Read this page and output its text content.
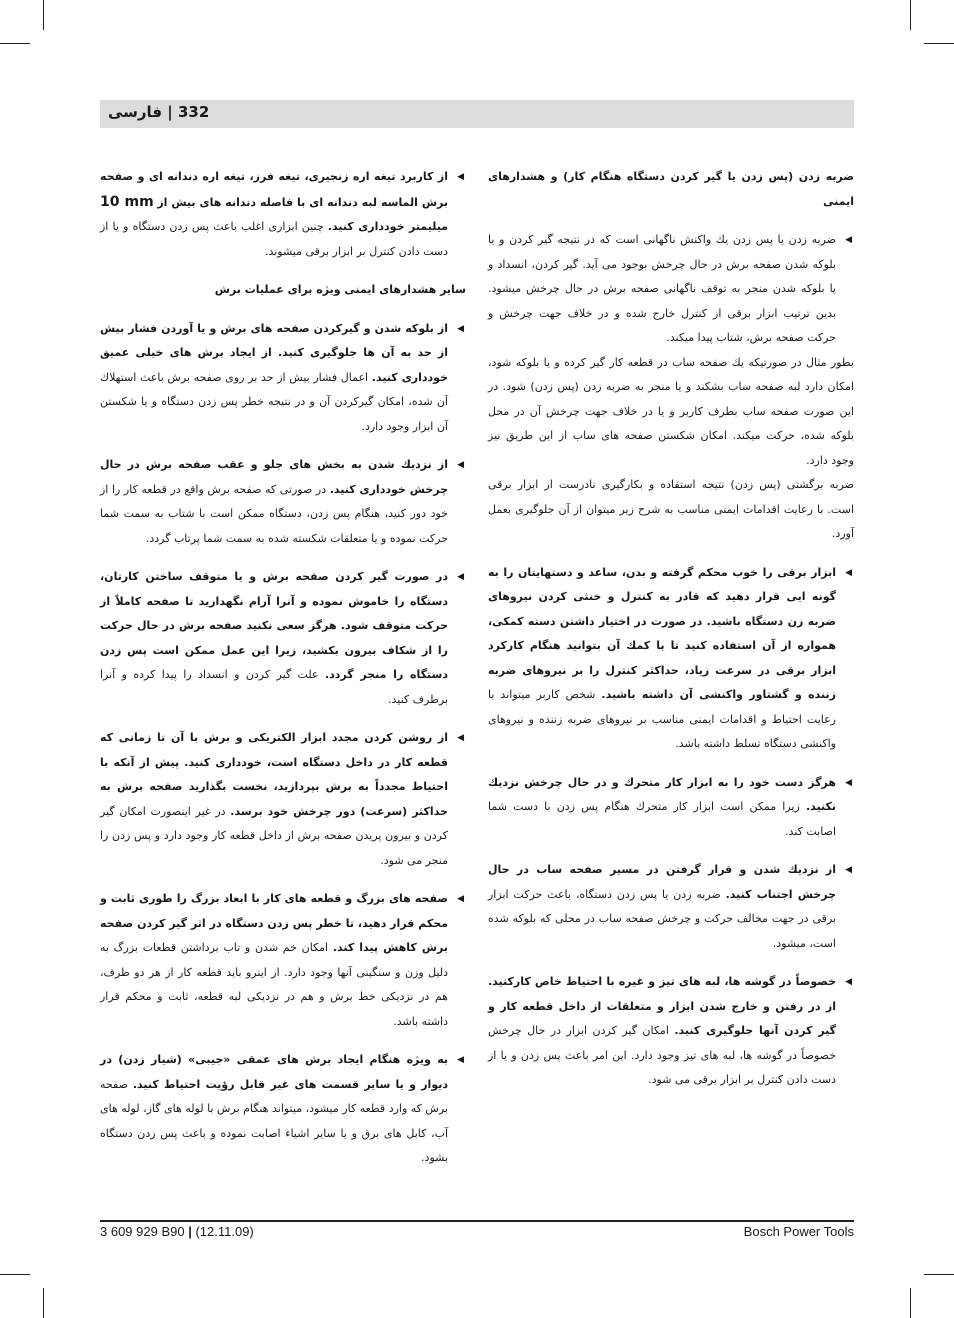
332 | فارسی
ضربه زدن (پس زدن یا گیر کردن دستگاه هنگام کار) و هشدارهای ایمنی
◀
ضربه زدن یا پس زدن یك واكنش ناگهانی است كه در نتیجه گیر كردن و یا بلوكه شدن صفحه برش در حال چرخش بوجود می آید. گیر كردن، انسداد و یا بلوكه شدن منجر به توقف ناگهانی صفحه برش در حال چرخش میشود. بدین ترتیب ابزار برقی از كنترل خارج شده و در خلاف جهت چرخش و حركت صفحه برش، شتاب پیدا میكند.
بطور مثال در صورتیكه یك صفحه ساب در قطعه كار گیر كرده و یا بلوكه شود، امكان دارد لبه صفحه ساب بشكند و یا منجر به ضربه زدن (پس زدن) شود. در این صورت صفحه ساب بطرف كاربر و یا در خلاف جهت چرخش آن در محل بلوكه شده، حركت میكند. امكان شكستن صفحه های ساب از این طریق نیز وجود دارد.
ضربه برگشتی (پس زدن) نتیجه استفاده و بكارگیری نادرست از ابزار برقی است. با رعایت اقدامات ایمنی مناسب به شرح زیر میتوان از آن جلوگیری بعمل آورد.
◀
ابزار برقی را خوب محكم گرفته و بدن، ساعد و دستهایتان را به گونه ایی قرار دهید كه قادر به كنترل و خنثی كردن نیروهای ضربه زن دستگاه باشید. در صورت در اختیار داشتن دسته كمكی، همواره از آن استفاده كنید تا با كمك آن بتوانید هنگام كاركرد ابزار برقی در سرعت زیاد، حداكثر كنترل را بر نیروهای ضربه زننده و گشتاور واكنشی آن داشته باشید. شخص كاربر میتواند با رعایت احتیاط و اقدامات ایمنی مناسب بر نیروهای ضربه زننده و نیروهای واكنشی دستگاه تسلط داشته باشد.
◀
هرگز دست خود را به ابزار كار متحرك و در حال چرخش نزدیك نكنید. زیرا ممكن است ابزار كار متحرك هنگام پس زدن با دست شما اصابت كند.
◀
از نزدیك شدن و قرار گرفتن در مسیر صفحه ساب در حال چرخش اجتناب كنید. ضربه زدن یا پس زدن دستگاه، باعث حركت ابزار برقی در جهت مخالف حركت و چرخش صفحه ساب در محلی كه بلوكه شده است، میشود.
◀
خصوصاً در گوشه ها، لبه های تیز و غیره با احتیاط خاص كاركنید. از در رفتن و خارج شدن ابزار و متعلقات از داخل قطعه كار و گیر كردن آنها جلوگیری كنید. امكان گیر كردن ابزار در حال چرخش خصوصاً در گوشه ها، لبه های تیز وجود دارد. این امر باعث پس زدن و یا از دست دادن كنترل بر ابزار برقی می شود.
◀
از كاربرد تیغه اره زنجیری، تیغه فرز، تیغه اره دندانه ای و صفحه برش الماسه لبه دندانه ای با فاصله دندانه های بیش از 10 mm میلیمتر خودداری كنید. چنین ابزاری اغلب باعث پس زدن دستگاه و یا از دست دادن كنترل بر ابزار برقی میشوند.
سایر هشدارهای ایمنی ویژه برای عملیات برش
◀
از بلوكه شدن و گیركردن صفحه های برش و یا آوردن فشار بیش از حد به آن ها جلوگیری كنید. از ایجاد برش های خیلی عمیق خودداری كنید. اعمال فشار بیش از حد بر روی صفحه برش باعث استهلاك آن شده، امكان گیركردن آن و در نتیجه خطر پس زدن دستگاه و یا شكستن آن ابزار وجود دارد.
◀
از نزدیك شدن به بخش های جلو و عقب صفحه برش در حال چرخش خودداری كنید. در صورتی كه صفحه برش واقع در قطعه كار را از خود دور كنید، هنگام پس زدن، دستگاه ممكن است با شتاب به سمت شما حركت نموده و یا متعلقات شكسته شده به سمت شما پرتاب گردد.
◀
در صورت گیر كردن صفحه برش و یا متوقف ساختن كارتان، دستگاه را خاموش نموده و آنرا آرام نگهدارید تا صفحه كاملاً از حركت متوقف شود. هرگز سعی نكنید صفحه برش در حال حركت را از شكاف بیرون بكشید، زیرا این عمل ممكن است پس زدن دستگاه را منجر گردد. علت گیر كردن و انسداد را پیدا كرده و آنرا برطرف كنید.
◀
از روشن كردن مجدد ابزار الكتریكی و برش با آن تا زمانی كه قطعه كار در داخل دستگاه است، خودداری كنید. پیش از آنكه با احتیاط مجدداً به برش بپردازید، نخست بگذارید صفحه برش به حداكثر (سرعت) دور چرخش خود برسد. در غیر اینصورت امكان گیر كردن و بیرون پریدن صفحه برش از داخل قطعه كار وجود دارد و پس زدن را منجر می شود.
◀
صفحه های بزرگ و قطعه های كار با ابعاد بزرگ را طوری ثابت و محكم قرار دهید، تا خطر پس زدن دستگاه در اثر گیر كردن صفحه برش كاهش پیدا كند. امكان خم شدن و تاب برداشتن قطعات بزرگ به دلیل وزن و سنگینی آنها وجود دارد. از اینرو باید قطعه كار از هر دو طرف، هم در نزدیكی خط برش و هم در نزدیكی لبه قطعه، ثابت و محكم قرار داشته باشد.
◀
به ویژه هنگام ایجاد برش های عمقی «جیبی» (شیار زدن) در دیوار و یا سایر قسمت های غیر قابل رؤیت احتیاط كنید. صفحه برش كه وارد قطعه كار میشود، میتواند هنگام برش با لوله های گاز، لوله های آب، كابل های برق و یا سایر اشیاء اصابت نموده و باعث پس زدن دستگاه بشود.
3 609 929 B90 | (12.11.09)	Bosch Power Tools
